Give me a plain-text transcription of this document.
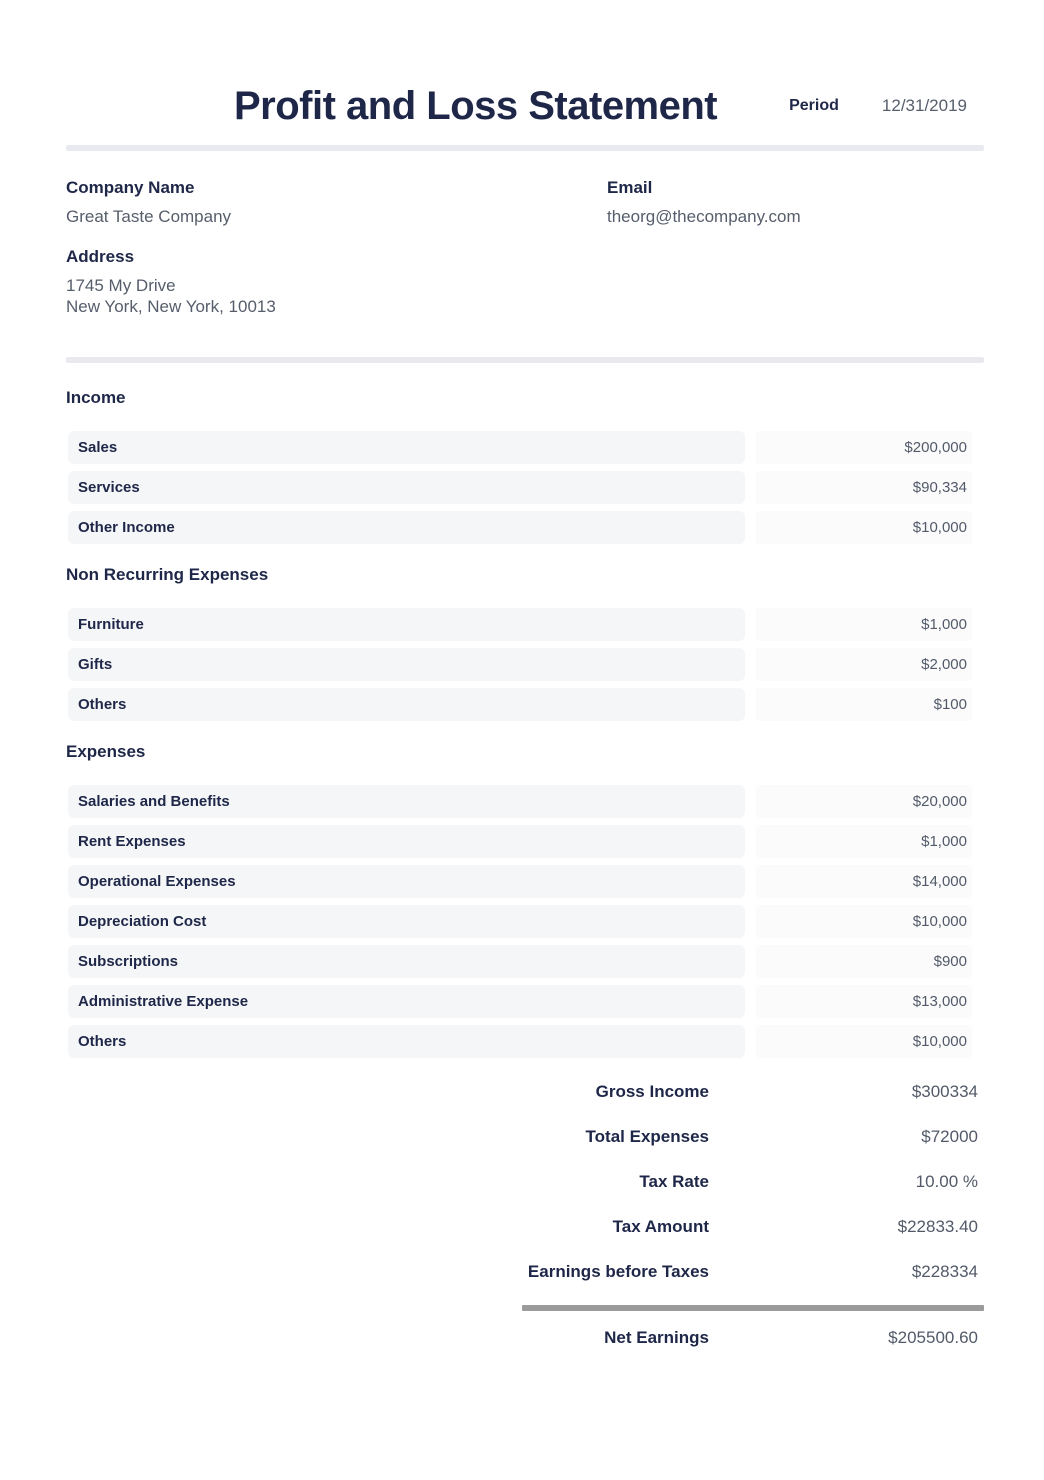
Profit and Loss Statement	Period	12/31/2019
Company Name
Great Taste Company
Address
1745 My Drive
New York, New York, 10013
Email
theorg@thecompany.com
Income
Sales	$200,000
Services	$90,334
Other Income	$10,000
Non Recurring Expenses
Furniture	$1,000
Gifts	$2,000
Others	$100
Expenses
Salaries and Benefits	$20,000
Rent Expenses	$1,000
Operational Expenses	$14,000
Depreciation Cost	$10,000
Subscriptions	$900
Administrative Expense	$13,000
Others	$10,000
Gross Income	$300334
Total Expenses	$72000
Tax Rate	10.00 %
Tax Amount	$22833.40
Earnings before Taxes	$228334
Net Earnings	$205500.60
